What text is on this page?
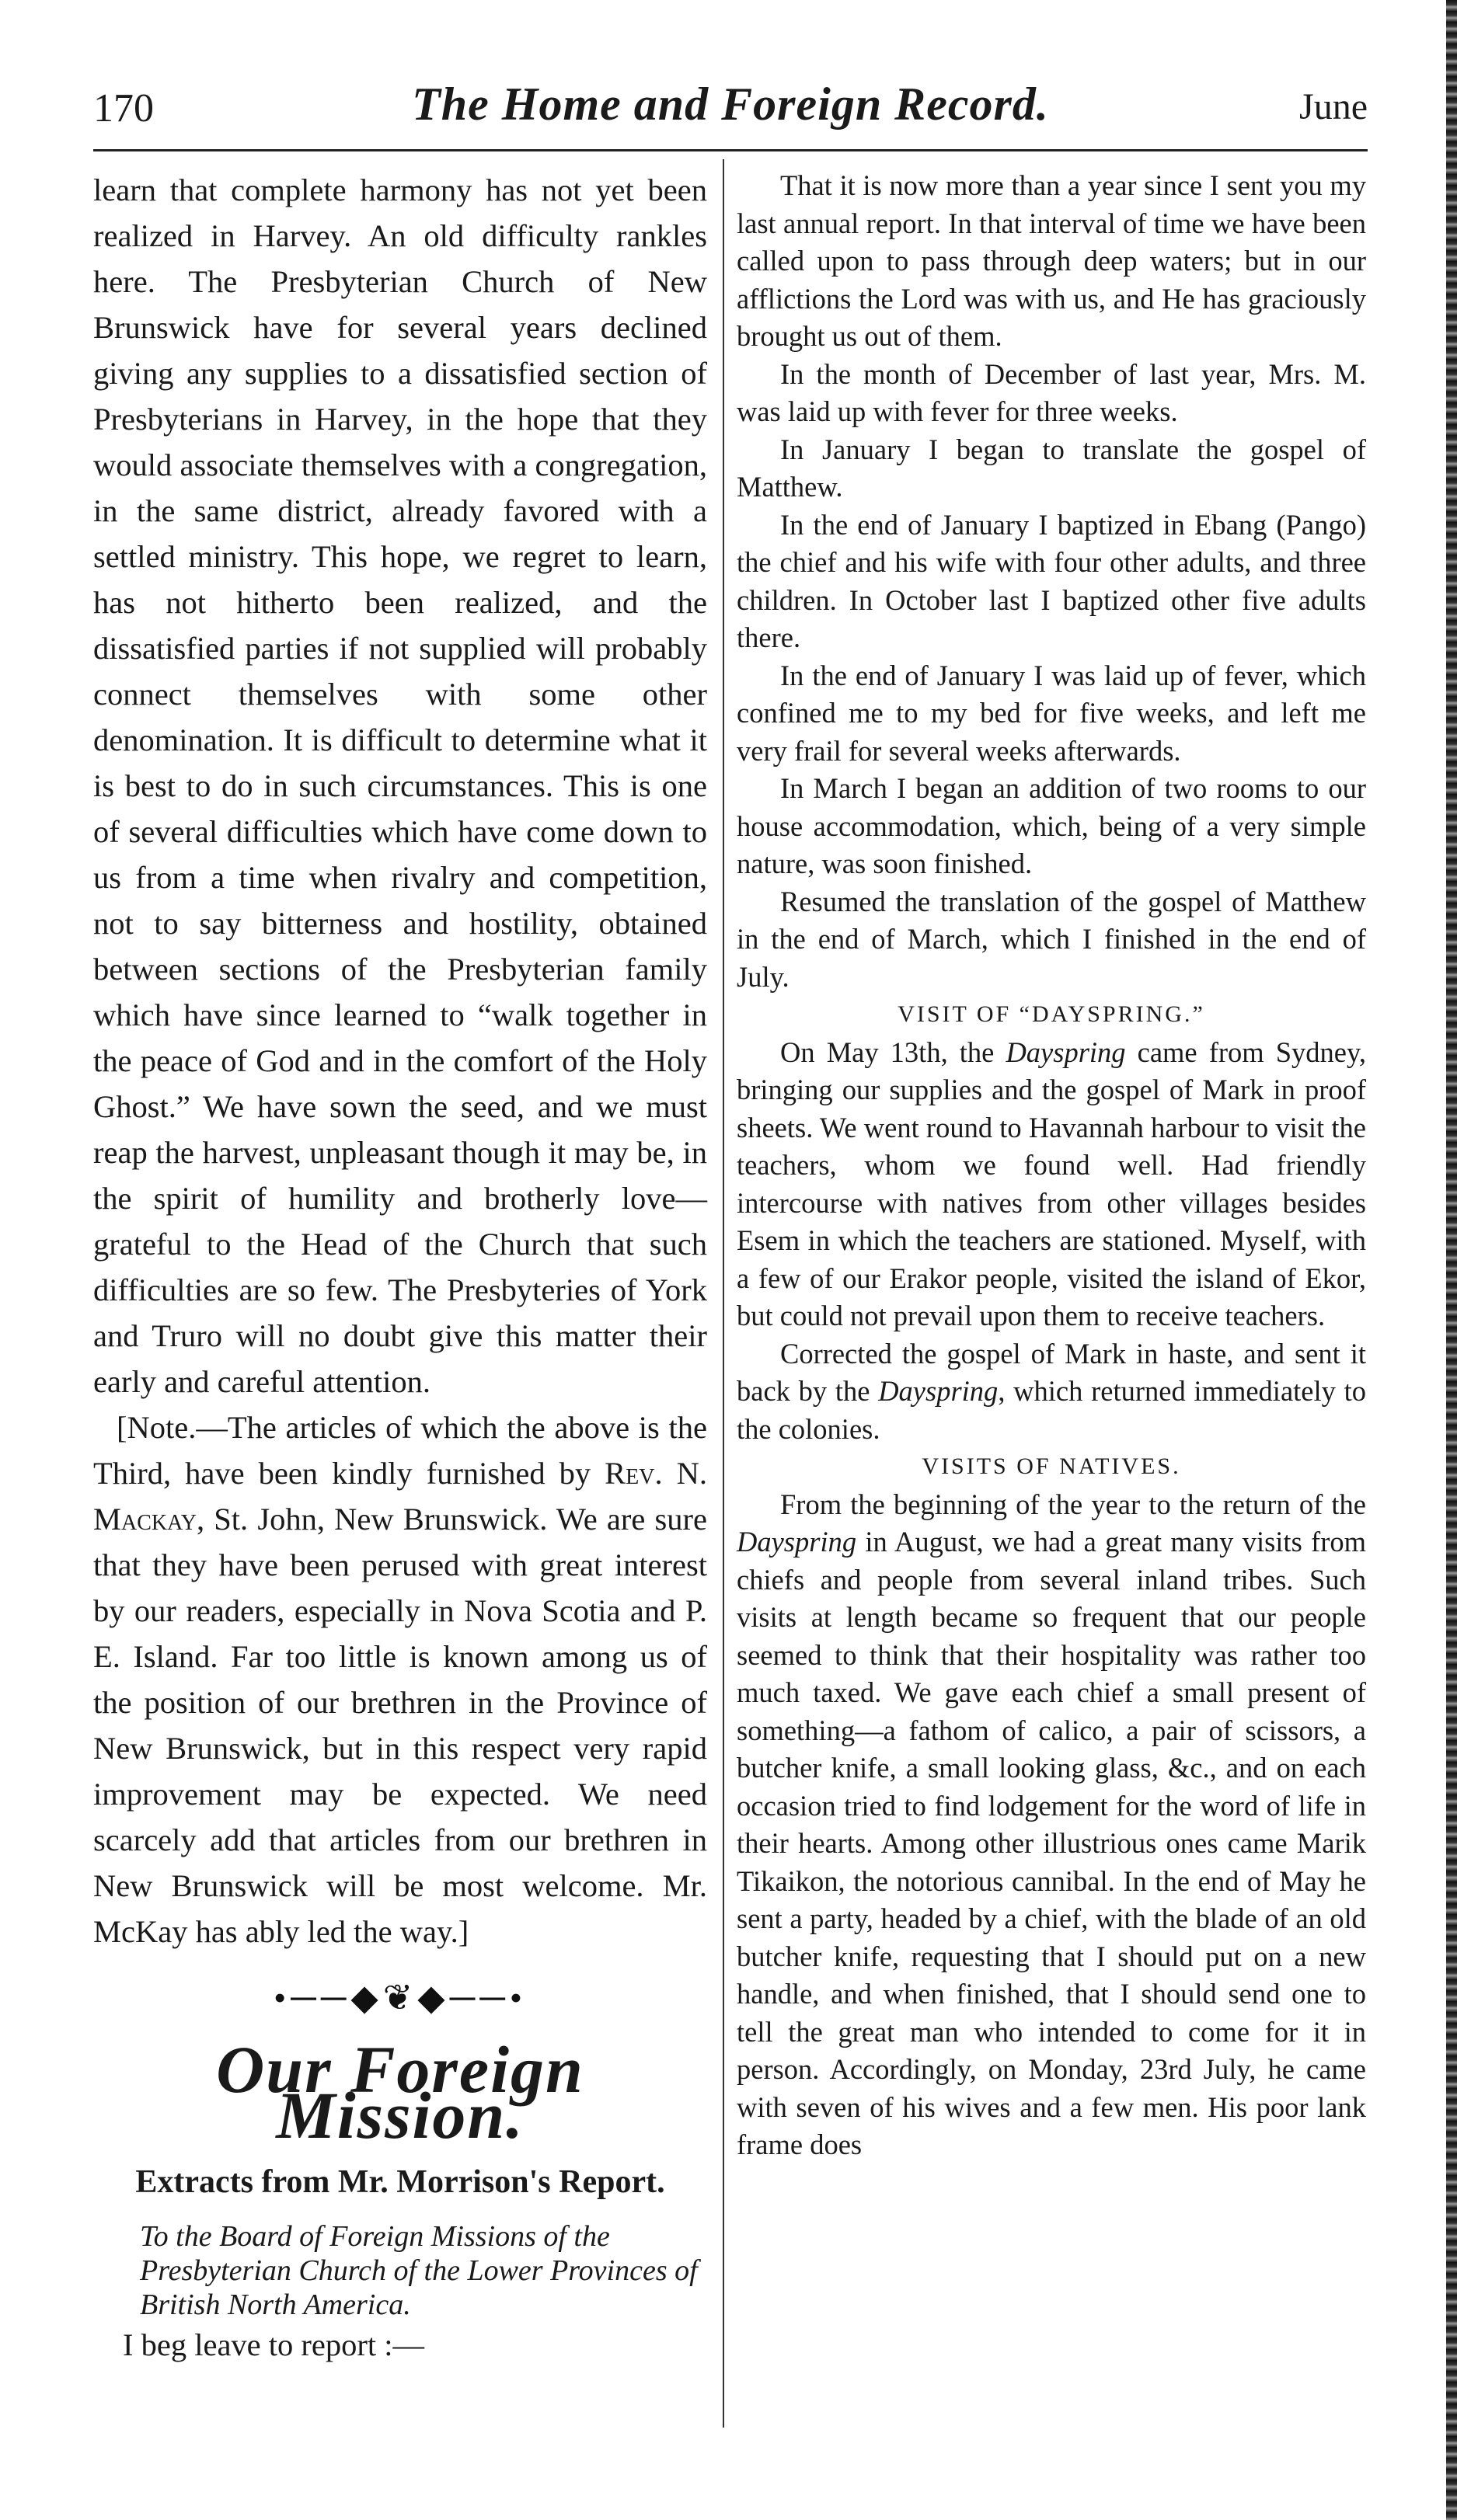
170	The Home and Foreign Record.	June

learn that complete harmony has not yet been realized in Harvey. An old difficulty rankles here. The Presbyterian Church of New Brunswick have for several years declined giving any supplies to a dissatisfied section of Presbyterians in Harvey, in the hope that they would associate themselves with a congregation, in the same district, already favored with a settled ministry. This hope, we regret to learn, has not hitherto been realized, and the dissatisfied parties if not supplied will probably connect themselves with some other denomination. It is difficult to determine what it is best to do in such circumstances. This is one of several difficulties which have come down to us from a time when rivalry and competition, not to say bitterness and hostility, obtained between sections of the Presbyterian family which have since learned to “walk together in the peace of God and in the comfort of the Holy Ghost.” We have sown the seed, and we must reap the harvest, unpleasant though it may be, in the spirit of humility and brotherly love—grateful to the Head of the Church that such difficulties are so few. The Presbyteries of York and Truro will no doubt give this matter their early and careful attention.

[Note.—The articles of which the above is the Third, have been kindly furnished by Rev. N. Mackay, St. John, New Brunswick. We are sure that they have been perused with great interest by our readers, especially in Nova Scotia and P. E. Island. Far too little is known among us of the position of our brethren in the Province of New Brunswick, but in this respect very rapid improvement may be expected. We need scarcely add that articles from our brethren in New Brunswick will be most welcome. Mr. McKay has ably led the way.]

•──◆❦◆──•
Our Foreign Mission.
Extracts from Mr. Morrison's Report.

To the Board of Foreign Missions of the Presbyterian Church of the Lower Provinces of British North America.

I beg leave to report :—

That it is now more than a year since I sent you my last annual report. In that interval of time we have been called upon to pass through deep waters; but in our afflictions the Lord was with us, and He has graciously brought us out of them.

In the month of December of last year, Mrs. M. was laid up with fever for three weeks.

In January I began to translate the gospel of Matthew.

In the end of January I baptized in Ebang (Pango) the chief and his wife with four other adults, and three children. In October last I baptized other five adults there.

In the end of January I was laid up of fever, which confined me to my bed for five weeks, and left me very frail for several weeks afterwards.

In March I began an addition of two rooms to our house accommodation, which, being of a very simple nature, was soon finished.

Resumed the translation of the gospel of Matthew in the end of March, which I finished in the end of July.

VISIT OF “DAYSPRING.”

On May 13th, the Dayspring came from Sydney, bringing our supplies and the gospel of Mark in proof sheets. We went round to Havannah harbour to visit the teachers, whom we found well. Had friendly intercourse with natives from other villages besides Esem in which the teachers are stationed. Myself, with a few of our Erakor people, visited the island of Ekor, but could not prevail upon them to receive teachers.

Corrected the gospel of Mark in haste, and sent it back by the Dayspring, which returned immediately to the colonies.

VISITS OF NATIVES.

From the beginning of the year to the return of the Dayspring in August, we had a great many visits from chiefs and people from several inland tribes. Such visits at length became so frequent that our people seemed to think that their hospitality was rather too much taxed. We gave each chief a small present of something—a fathom of calico, a pair of scissors, a butcher knife, a small looking glass, &c., and on each occasion tried to find lodgement for the word of life in their hearts. Among other illustrious ones came Marik Tikaikon, the notorious cannibal. In the end of May he sent a party, headed by a chief, with the blade of an old butcher knife, requesting that I should put on a new handle, and when finished, that I should send one to tell the great man who intended to come for it in person. Accordingly, on Monday, 23rd July, he came with seven of his wives and a few men. His poor lank frame does
